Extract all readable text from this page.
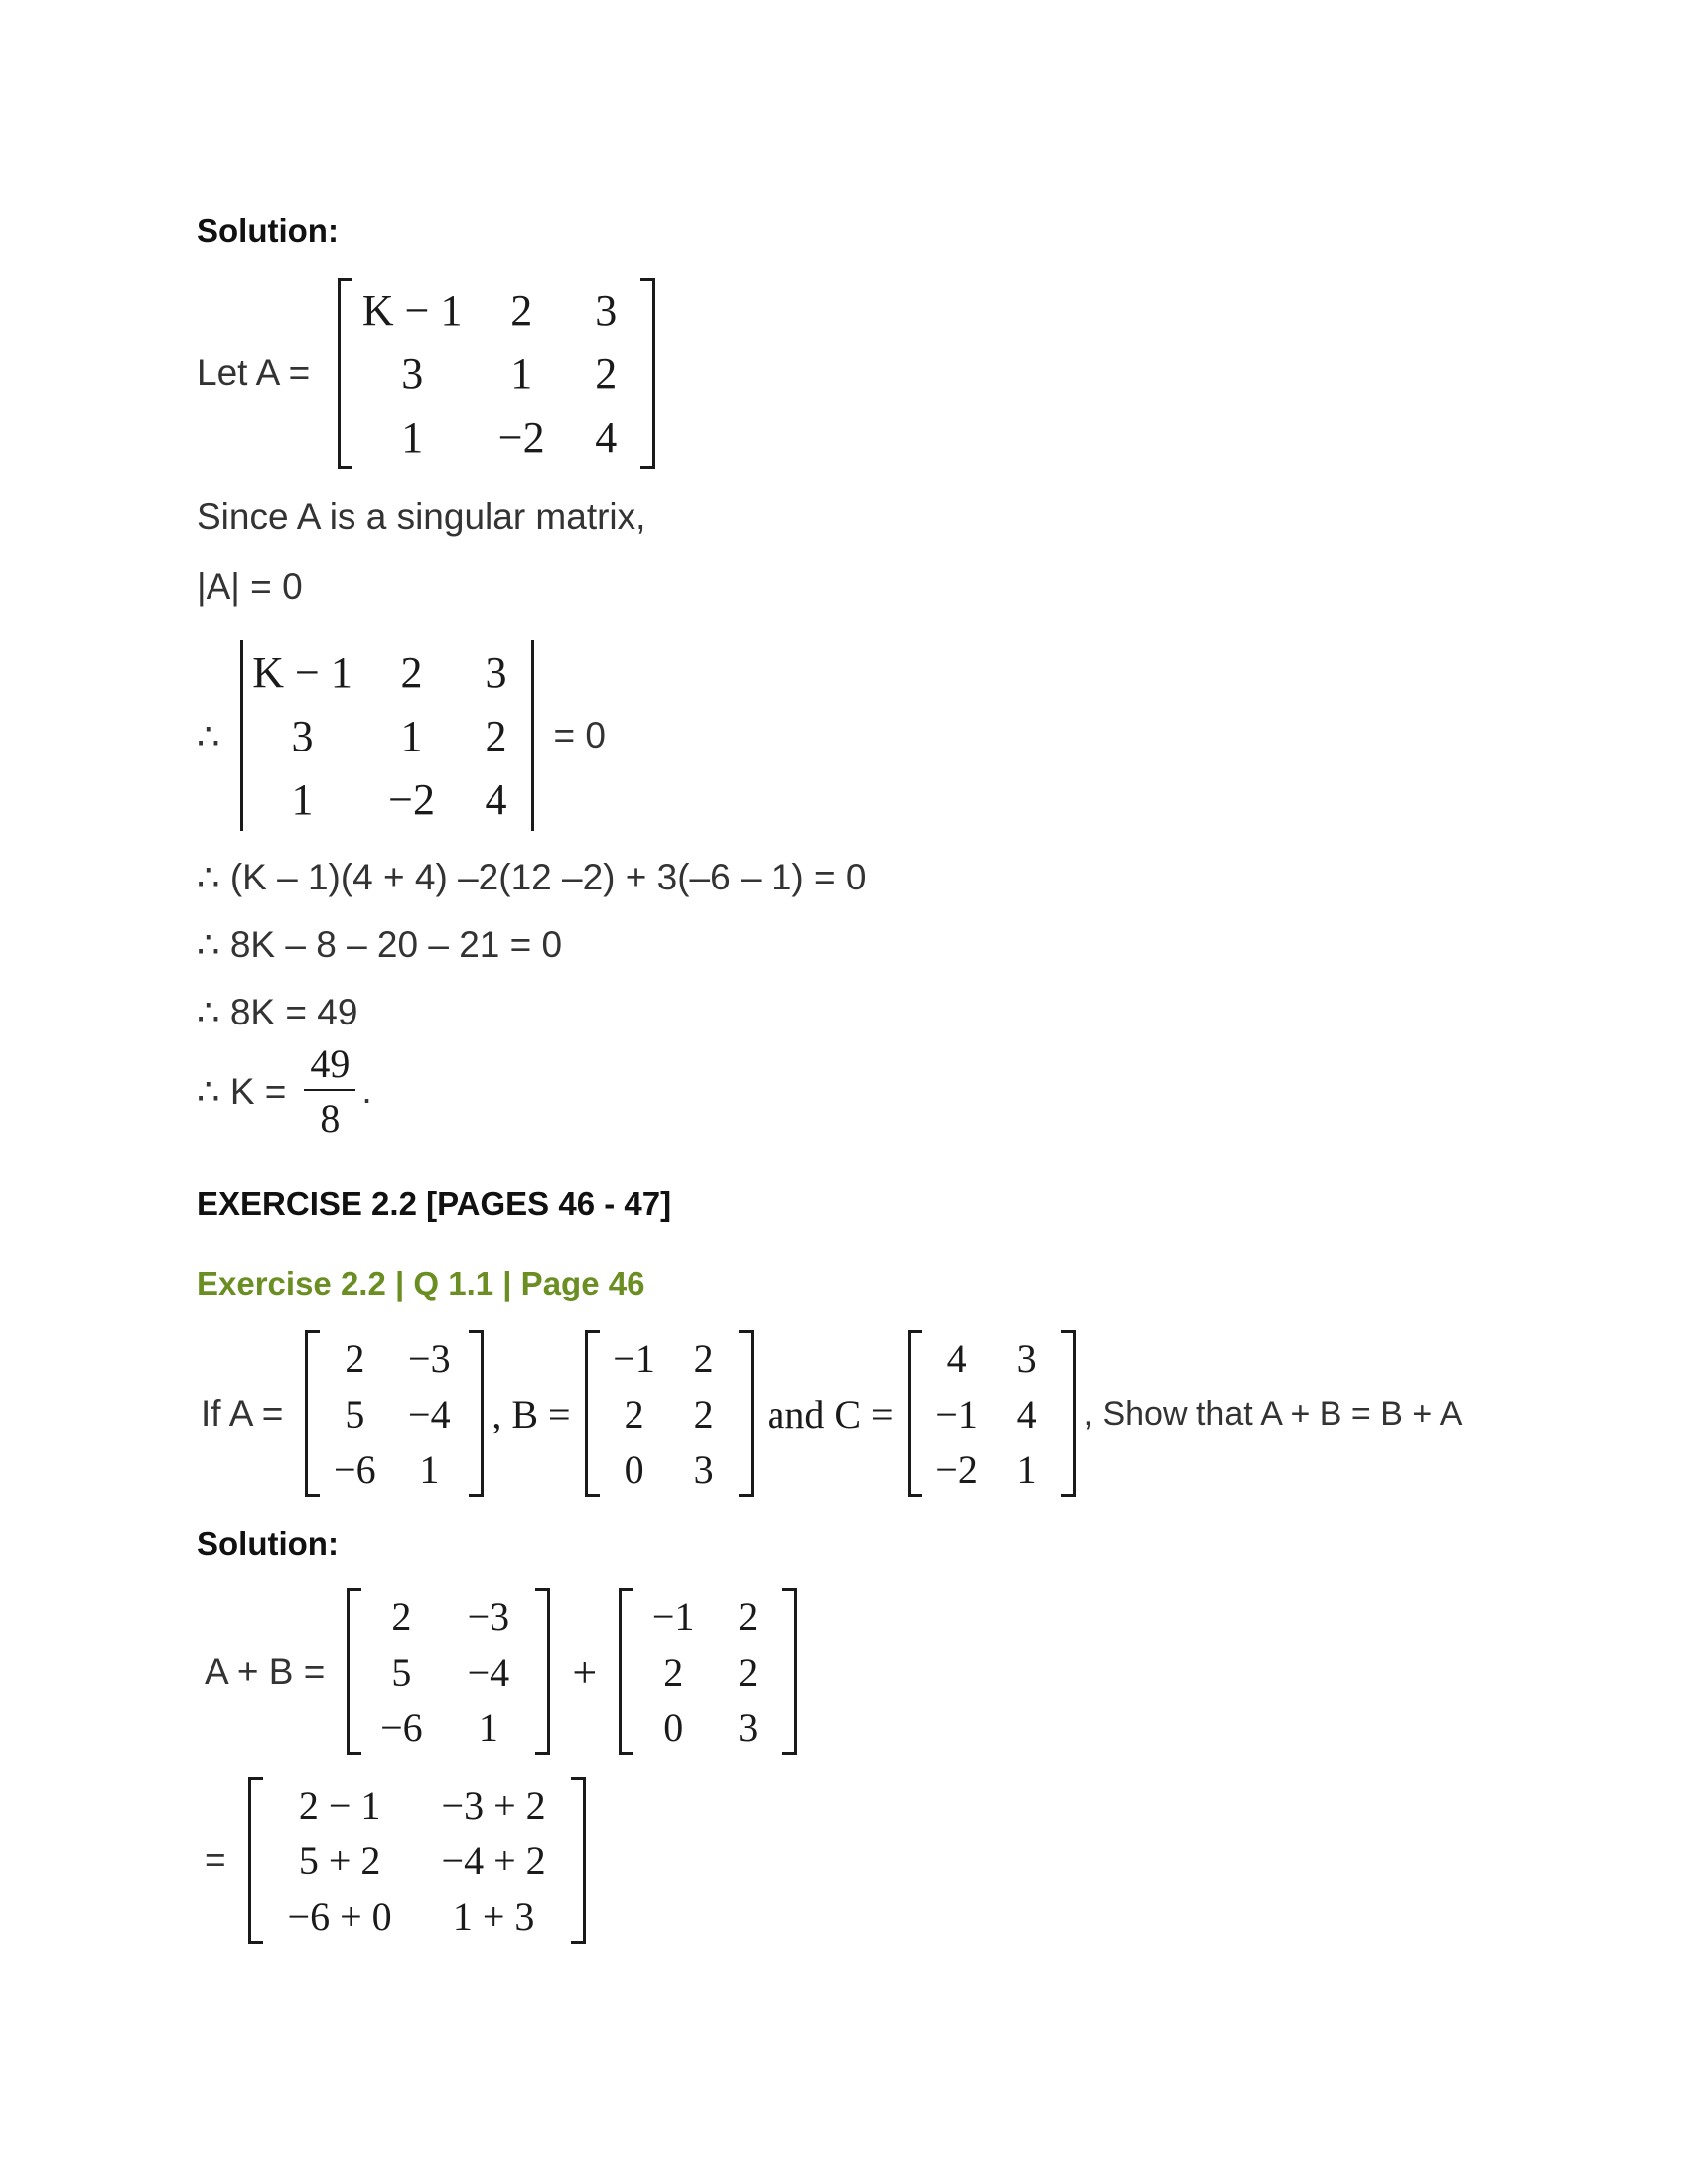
Solution:

Let A =
K − 1	2	3
3	1	2
1	−2	4
Since A is a singular matrix,
|A| = 0
∴
K − 1	2	3
3	1	2
1	−2	4
= 0
∴ (K – 1)(4 + 4) –2(12 –2) + 3(–6 – 1) = 0
∴ 8K – 8 – 20 – 21 = 0
∴ 8K = 49
∴ $K = \frac{49}{8}$ .

EXERCISE 2.2 [PAGES 46 - 47]

Exercise 2.2 | Q 1.1 | Page 46

If A =
2	−3
5	−4
−6	1
, B =
−1	2
2	2
0	3
and C =
4	3
−1	4
−2	1
, Show that A + B = B + A

Solution:

A + B =
2	−3
5	−4
−6	1
+
−1	2
2	2
0	3
=
2 − 1	−3 + 2
5 + 2	−4 + 2
−6 + 0	1 + 3
